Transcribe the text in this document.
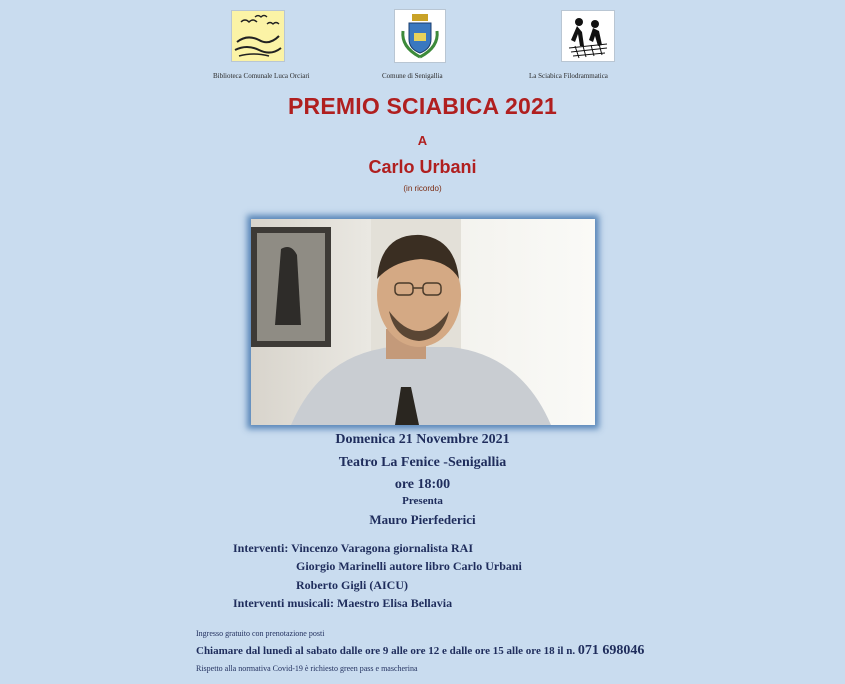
Biblioteca Comunale Luca Orciari	Comune di Senigallia	La Sciabica Filodrammatica
PREMIO SCIABICA 2021
A
Carlo Urbani
(in ricordo)
Domenica 21 Novembre 2021
Teatro La Fenice -Senigallia
ore 18:00
Presenta
Mauro Pierfederici
Interventi: Vincenzo Varagona giornalista RAI
Giorgio Marinelli autore libro Carlo Urbani
Roberto Gigli (AICU)
Interventi musicali: Maestro Elisa Bellavia
Ingresso gratuito con prenotazione posti
Chiamare dal lunedì al sabato dalle ore 9 alle ore 12 e dalle ore 15 alle ore 18 il n. 071 698046
Rispetto alla normativa Covid-19 è richiesto green pass e mascherina
